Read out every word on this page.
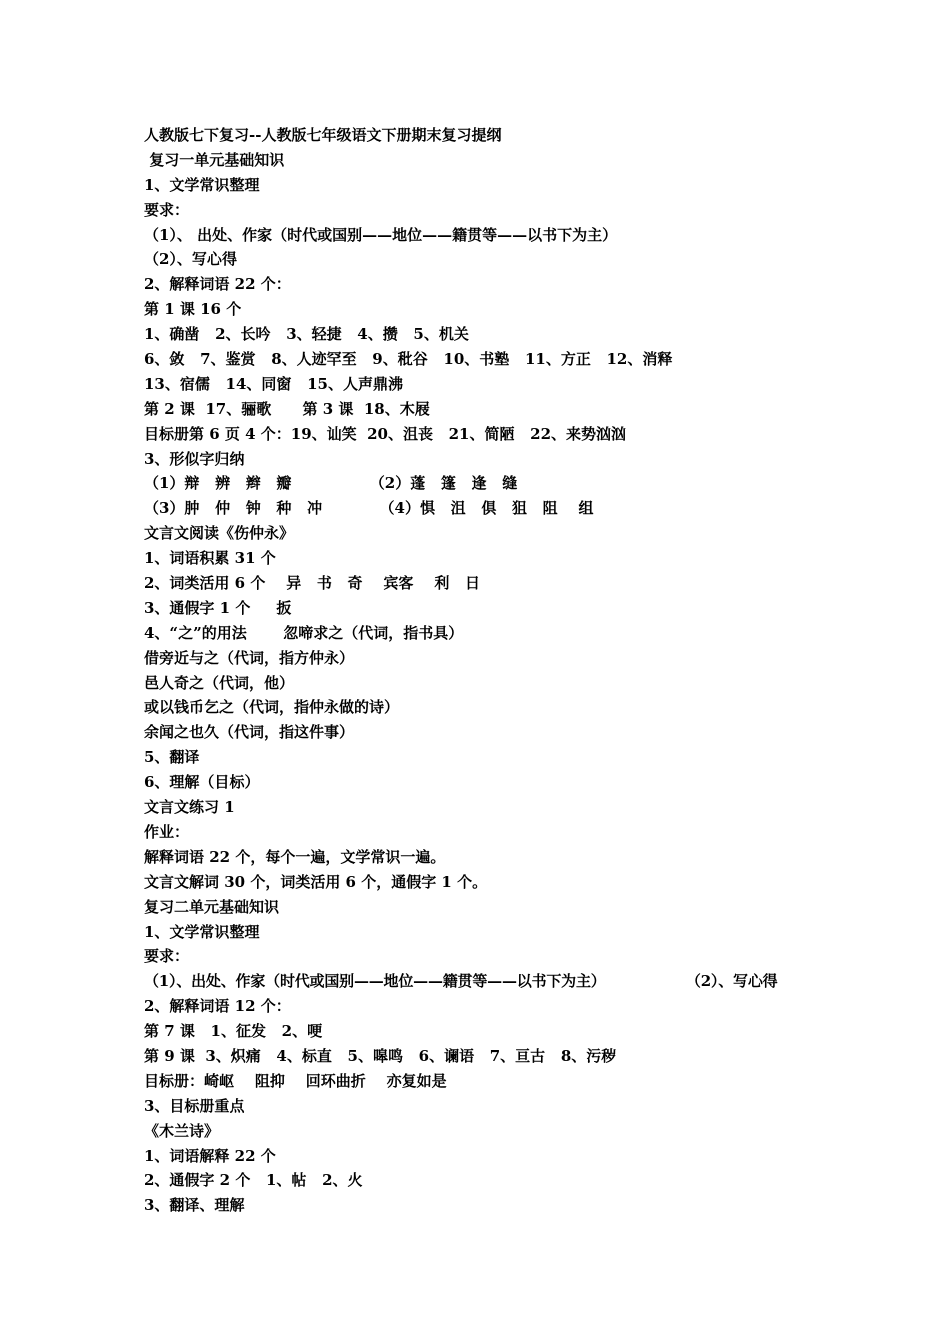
人教版七下复习--人教版七年级语文下册期末复习提纲
复习一单元基础知识
1、文学常识整理
要求：
（1）、 出处、作家（时代或国别——地位——籍贯等——以书下为主）
（2）、写心得
2、解释词语 22 个：
第 1 课 16 个
1、确凿   2、长吟   3、轻捷   4、攒   5、机关
6、敛   7、鉴赏   8、人迹罕至   9、秕谷   10、书塾   11、方正   12、消释
13、宿儒   14、同窗   15、人声鼎沸
第 2 课  17、骊歌      第 3 课  18、木屐
目标册第 6 页 4 个：19、讪笑  20、沮丧   21、简陋   22、来势汹汹
3、形似字归纳
（1）辩   辨   辫   瓣               （2）蓬   篷   逢   缝
（3）肿   仲   钟   种   冲           （4）惧   沮   俱   狙   阻    组
文言文阅读《伤仲永》
1、词语积累 31 个
2、词类活用 6 个    异   书   奇    宾客    利   日
3、通假字 1 个     扳
4、“之”的用法       忽啼求之（代词，指书具）
借旁近与之（代词，指方仲永）
邑人奇之（代词，他）
或以钱币乞之（代词，指仲永做的诗）
余闻之也久（代词，指这件事）
5、翻译
6、理解（目标）
文言文练习 1
作业：
解释词语 22 个，每个一遍，文学常识一遍。
文言文解词 30 个，词类活用 6 个，通假字 1 个。
复习二单元基础知识
1、文学常识整理
要求：
（1）、出处、作家（时代或国别——地位——籍贯等——以书下为主）                （2）、写心得
2、解释词语 12 个：
第 7 课   1、征发   2、哽
第 9 课  3、炽痛   4、标直   5、嗥鸣   6、谰语   7、亘古   8、污秽
目标册：崎岖    阻抑    回环曲折    亦复如是
3、目标册重点
《木兰诗》
1、词语解释 22 个
2、通假字 2 个   1、帖   2、火
3、翻译、理解
